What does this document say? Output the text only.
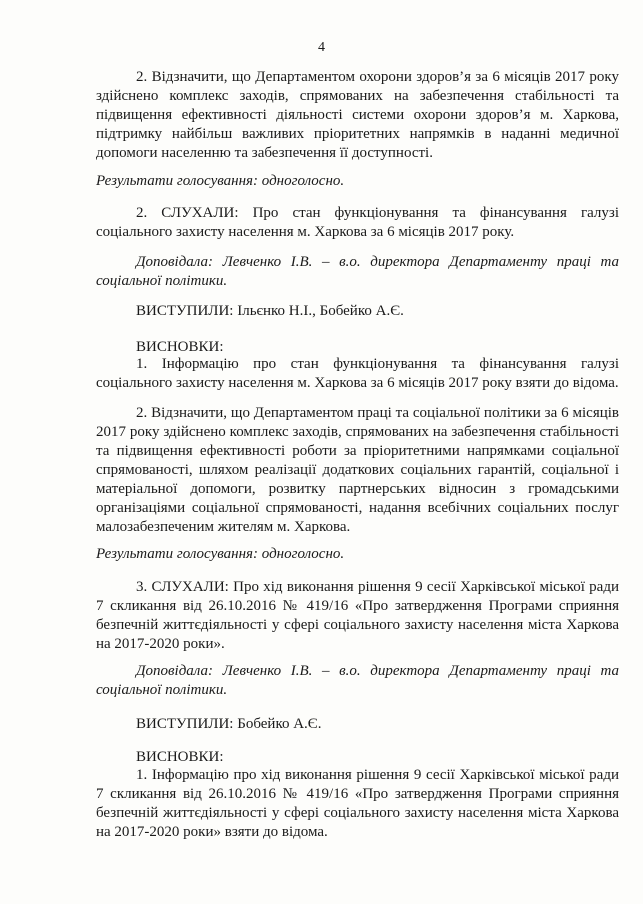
4

2. Відзначити, що Департаментом охорони здоров’я за 6 місяців 2017 року здійснено комплекс заходів, спрямованих на забезпечення стабільності та підвищення ефективності діяльності системи охорони здоров’я м. Харкова, підтримку найбільш важливих пріоритетних напрямків в наданні медичної допомоги населенню та забезпечення її доступності.

Результати голосування: одноголосно.

2. СЛУХАЛИ: Про стан функціонування та фінансування галузі соціального захисту населення м. Харкова за 6 місяців 2017 року.

Доповідала: Левченко І.В. – в.о. директора Департаменту праці та соціальної політики.

ВИСТУПИЛИ: Ільєнко Н.І., Бобейко А.Є.

ВИСНОВКИ:

1. Інформацію про стан функціонування та фінансування галузі соціального захисту населення м. Харкова за 6 місяців 2017 року взяти до відома.

2. Відзначити, що Департаментом праці та соціальної політики за 6 місяців 2017 року здійснено комплекс заходів, спрямованих на забезпечення стабільності та підвищення ефективності роботи за пріоритетними напрямками соціальної спрямованості, шляхом реалізації додаткових соціальних гарантій, соціальної і матеріальної допомоги, розвитку партнерських відносин з громадськими організаціями соціальної спрямованості, надання всебічних соціальних послуг малозабезпеченим жителям м. Харкова.

Результати голосування: одноголосно.

3. СЛУХАЛИ: Про хід виконання рішення 9 сесії Харківської міської ради 7 скликання від 26.10.2016 № 419/16 «Про затвердження Програми сприяння безпечній життєдіяльності у сфері соціального захисту населення міста Харкова на 2017-2020 роки».

Доповідала: Левченко І.В. – в.о. директора Департаменту праці та соціальної політики.

ВИСТУПИЛИ: Бобейко А.Є.

ВИСНОВКИ:

1. Інформацію про хід виконання рішення 9 сесії Харківської міської ради 7 скликання від 26.10.2016 № 419/16 «Про затвердження Програми сприяння безпечній життєдіяльності у сфері соціального захисту населення міста Харкова на 2017-2020 роки» взяти до відома.
